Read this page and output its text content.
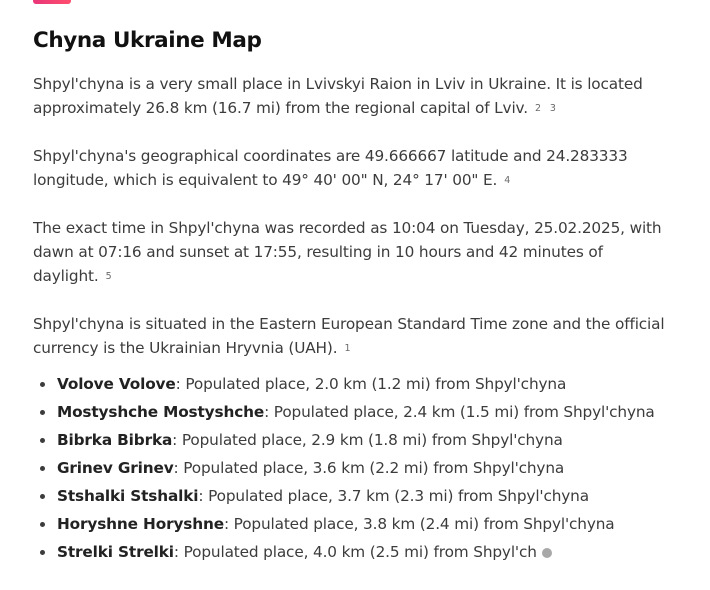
Chyna Ukraine Map

Shpyl'chyna is a very small place in Lvivskyi Raion in Lviv in Ukraine. It is located approximately 26.8 km (16.7 mi) from the regional capital of Lviv. 2 3

Shpyl'chyna's geographical coordinates are 49.666667 latitude and 24.283333 longitude, which is equivalent to 49° 40' 00" N, 24° 17' 00" E. 4

The exact time in Shpyl'chyna was recorded as 10:04 on Tuesday, 25.02.2025, with dawn at 07:16 and sunset at 17:55, resulting in 10 hours and 42 minutes of daylight. 5

Shpyl'chyna is situated in the Eastern European Standard Time zone and the official currency is the Ukrainian Hryvnia (UAH). 1

Volove Volove: Populated place, 2.0 km (1.2 mi) from Shpyl'chyna
Mostyshche Mostyshche: Populated place, 2.4 km (1.5 mi) from Shpyl'chyna
Bibrka Bibrka: Populated place, 2.9 km (1.8 mi) from Shpyl'chyna
Grinev Grinev: Populated place, 3.6 km (2.2 mi) from Shpyl'chyna
Stshalki Stshalki: Populated place, 3.7 km (2.3 mi) from Shpyl'chyna
Horyshne Horyshne: Populated place, 3.8 km (2.4 mi) from Shpyl'chyna
Strelki Strelki: Populated place, 4.0 km (2.5 mi) from Shpyl'ch
